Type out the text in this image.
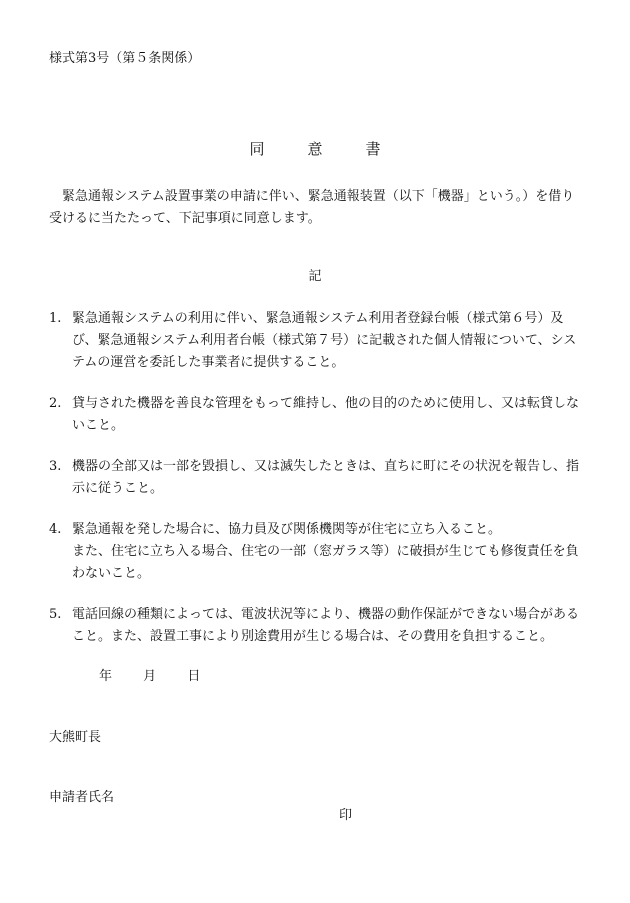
様式第3号（第５条関係）
同　意　書
緊急通報システム設置事業の申請に伴い、緊急通報装置（以下「機器」という。）を借り受けるに当たたって、下記事項に同意します。
記
1. 緊急通報システムの利用に伴い、緊急通報システム利用者登録台帳（様式第６号）及び、緊急通報システム利用者台帳（様式第７号）に記載された個人情報について、システムの運営を委託した事業者に提供すること。

2. 貸与された機器を善良な管理をもって維持し、他の目的のために使用し、又は転貸しないこと。

3. 機器の全部又は一部を毀損し、又は滅失したときは、直ちに町にその状況を報告し、指示に従うこと。

4. 緊急通報を発した場合に、協力員及び関係機関等が住宅に立ち入ること。

また、住宅に立ち入る場合、住宅の一部（窓ガラス等）に破損が生じても修復責任を負わないこと。

5. 電話回線の種類によっては、電波状況等により、機器の動作保証ができない場合があること。また、設置工事により別途費用が生じる場合は、その費用を負担すること。

年 月 日
大熊町長
申請者氏名
印
